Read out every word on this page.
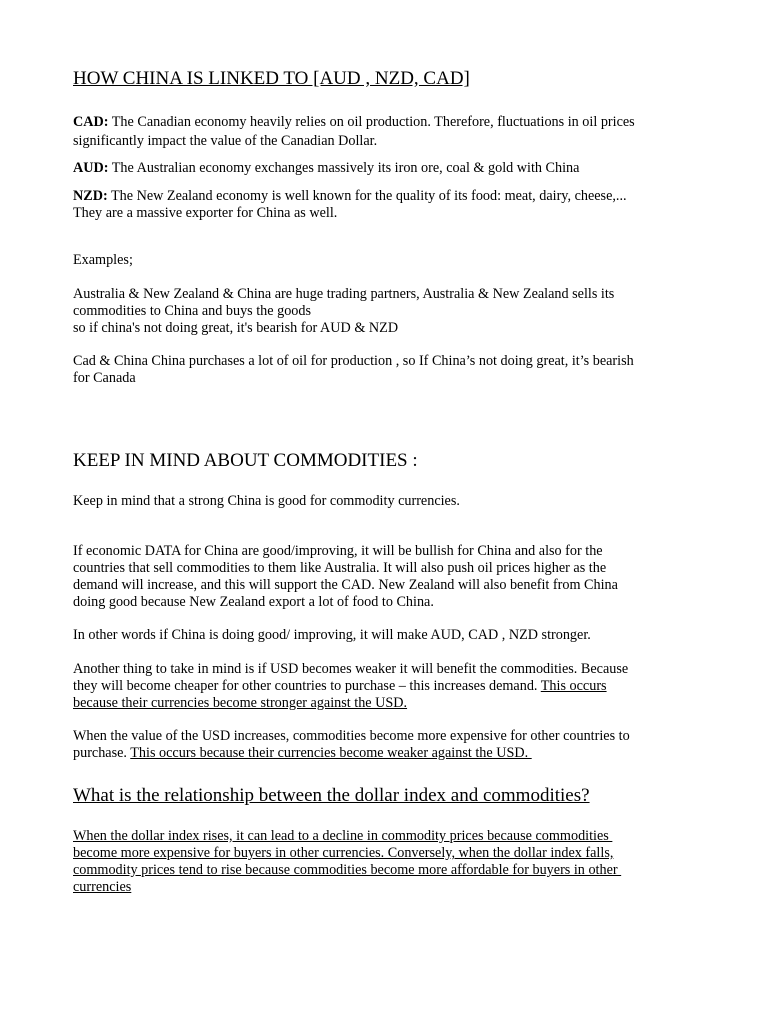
HOW CHINA IS LINKED TO [AUD , NZD, CAD]
CAD: The Canadian economy heavily relies on oil production. Therefore, fluctuations in oil prices significantly impact the value of the Canadian Dollar.
AUD: The Australian economy exchanges massively its iron ore, coal & gold with China
NZD: The New Zealand economy is well known for the quality of its food: meat, dairy, cheese,...
They are a massive exporter for China as well.
Examples;
Australia & New Zealand & China are huge trading partners, Australia & New Zealand sells its
commodities to China and buys the goods
so if china's not doing great, it's bearish for AUD & NZD
Cad & China China purchases a lot of oil for production , so If China’s not doing great, it’s bearish
for Canada
KEEP IN MIND ABOUT COMMODITIES :
Keep in mind that a strong China is good for commodity currencies.
If economic DATA for China are good/improving, it will be bullish for China and also for the
countries that sell commodities to them like Australia. It will also push oil prices higher as the
demand will increase, and this will support the CAD. New Zealand will also benefit from China
doing good because New Zealand export a lot of food to China.
In other words if China is doing good/ improving, it will make AUD, CAD , NZD stronger.
Another thing to take in mind is if USD becomes weaker it will benefit the commodities. Because
they will become cheaper for other countries to purchase – this increases demand. This occurs
because their currencies become stronger against the USD.
When the value of the USD increases, commodities become more expensive for other countries to
purchase. This occurs because their currencies become weaker against the USD.
What is the relationship between the dollar index and commodities?
When the dollar index rises, it can lead to a decline in commodity prices because commodities
become more expensive for buyers in other currencies. Conversely, when the dollar index falls,
commodity prices tend to rise because commodities become more affordable for buyers in other
currencies
